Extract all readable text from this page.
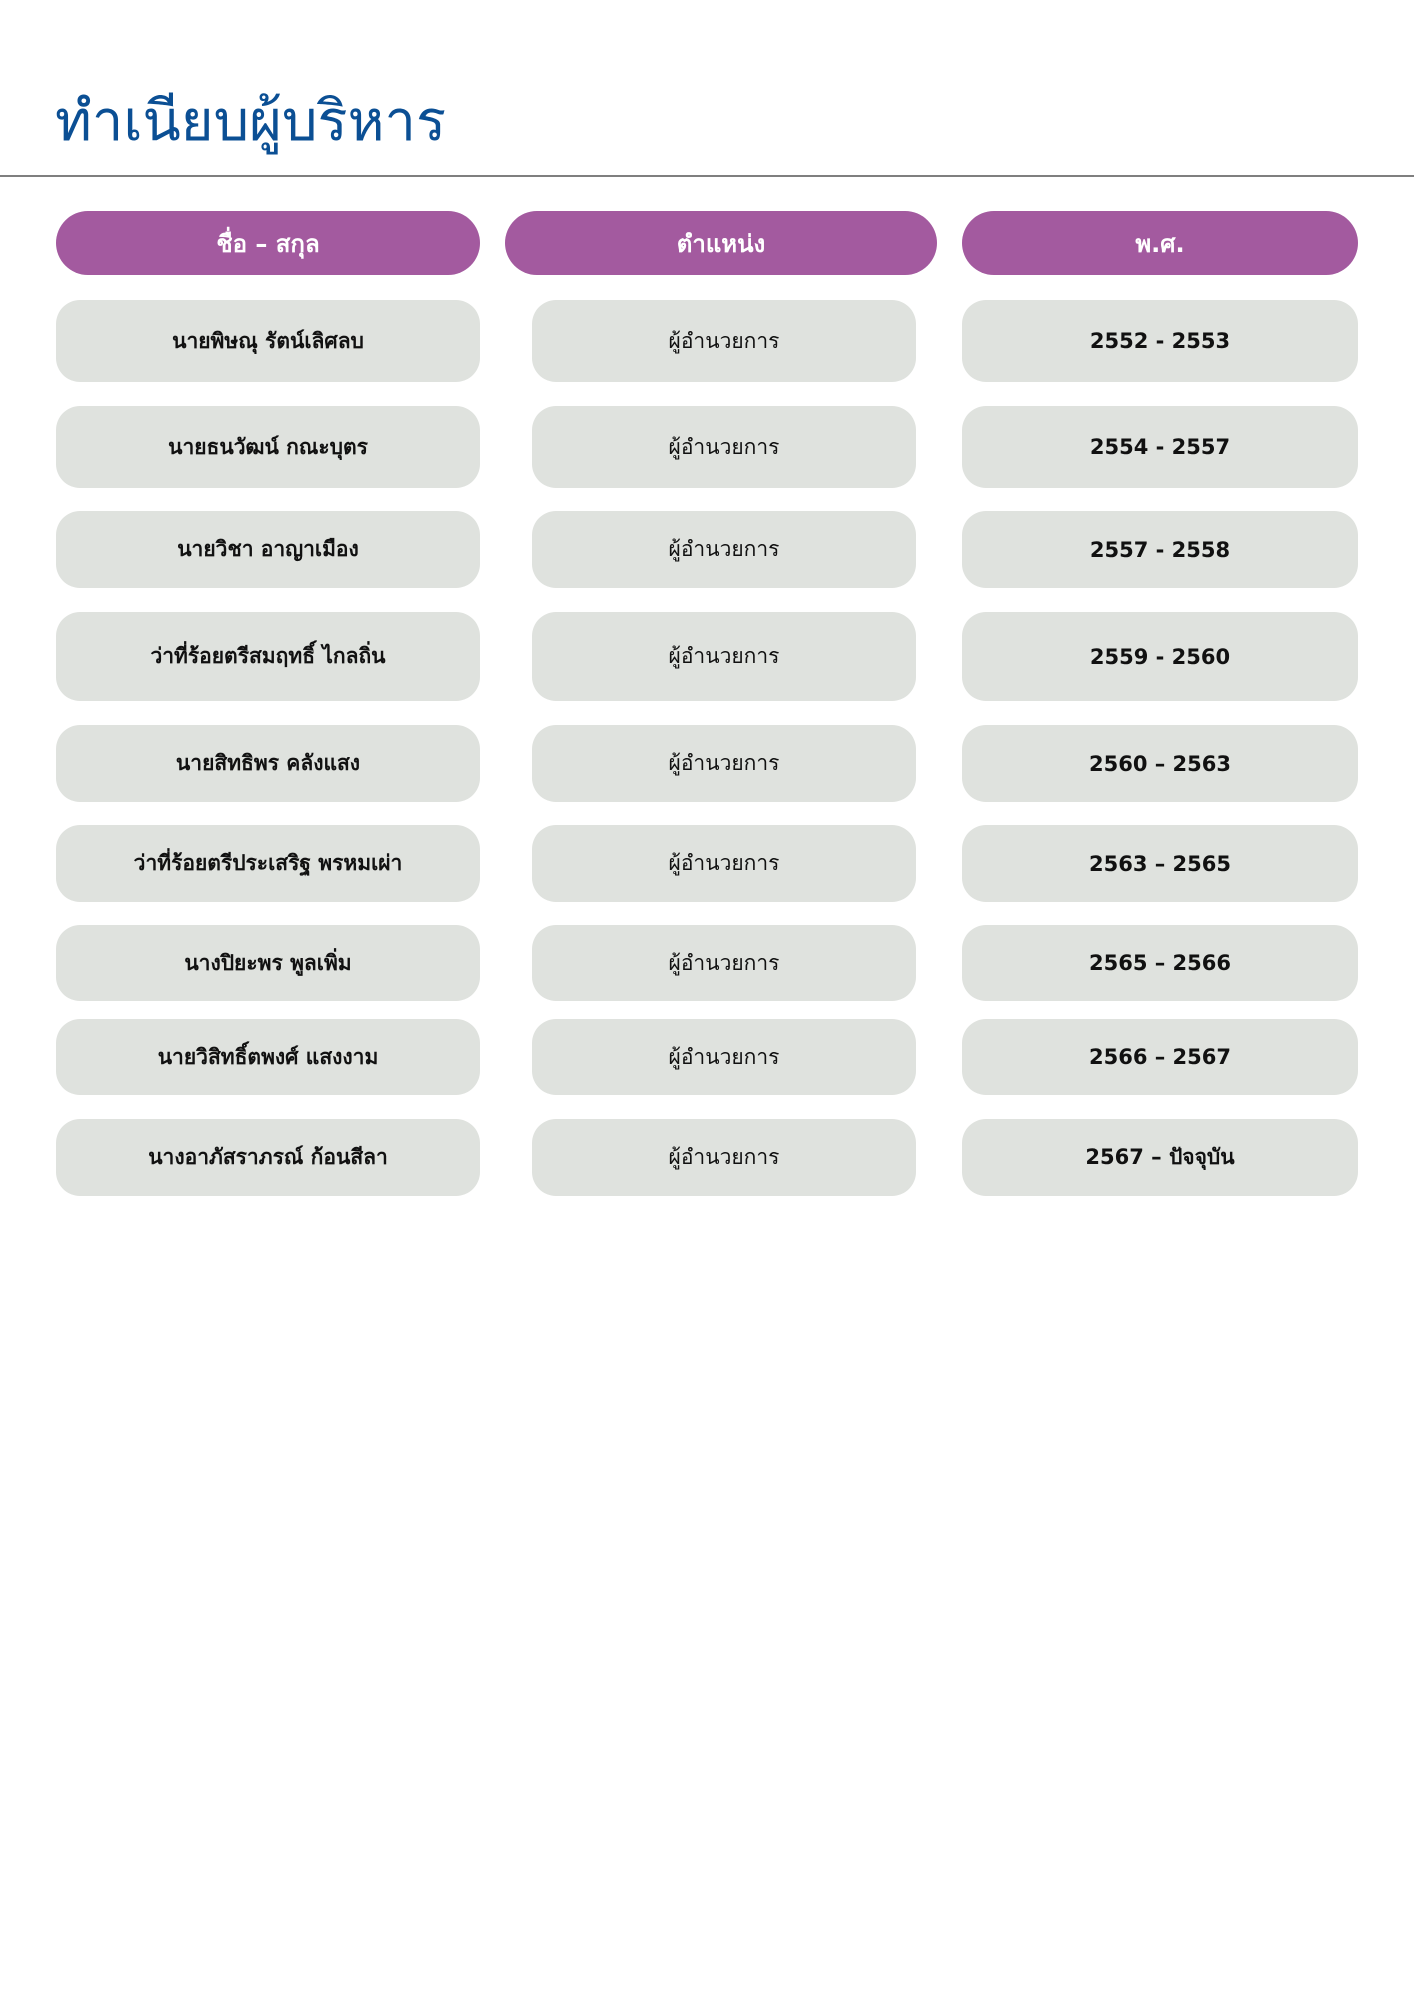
ทำเนียบผู้บริหาร
ชื่อ – สกุล	ตำแหน่ง	พ.ศ.
นายพิษณุ รัตน์เลิศลบ	ผู้อำนวยการ	2552 - 2553
นายธนวัฒน์ กณะบุตร	ผู้อำนวยการ	2554 - 2557
นายวิชา อาญาเมือง	ผู้อำนวยการ	2557 - 2558
ว่าที่ร้อยตรีสมฤทธิ์ ไกลถิ่น	ผู้อำนวยการ	2559 - 2560
นายสิทธิพร คลังแสง	ผู้อำนวยการ	2560 – 2563
ว่าที่ร้อยตรีประเสริฐ พรหมเผ่า	ผู้อำนวยการ	2563 – 2565
นางปิยะพร พูลเพิ่ม	ผู้อำนวยการ	2565 – 2566
นายวิสิทธิ์ตพงศ์ แสงงาม	ผู้อำนวยการ	2566 – 2567
นางอาภัสราภรณ์ ก้อนสีลา	ผู้อำนวยการ	2567 – ปัจจุบัน
